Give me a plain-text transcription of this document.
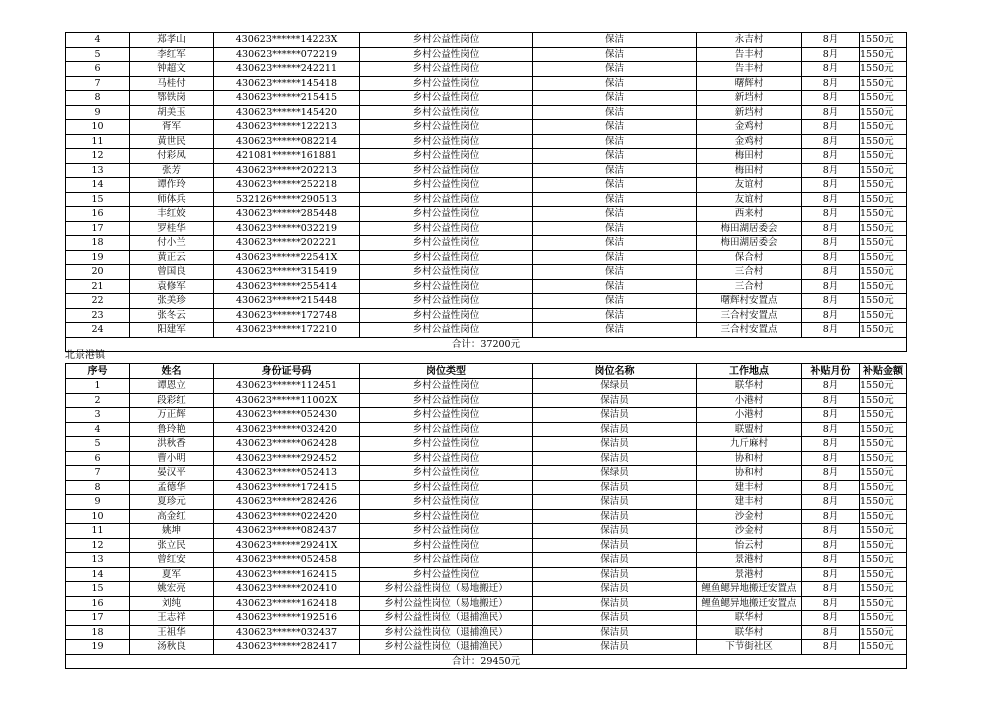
4	郑孝山	430623******14223X	乡村公益性岗位	保洁	永吉村	8月	1550元
5	李红军	430623******072219	乡村公益性岗位	保洁	告丰村	8月	1550元
6	钟超文	430623******242211	乡村公益性岗位	保洁	告丰村	8月	1550元
7	马桂付	430623******145418	乡村公益性岗位	保洁	曙辉村	8月	1550元
8	鄂铁岗	430623******215415	乡村公益性岗位	保洁	新垱村	8月	1550元
9	胡美玉	430623******145420	乡村公益性岗位	保洁	新垱村	8月	1550元
10	胥军	430623******122213	乡村公益性岗位	保洁	金鸡村	8月	1550元
11	黄世民	430623******082214	乡村公益性岗位	保洁	金鸡村	8月	1550元
12	付彩凤	421081******161881	乡村公益性岗位	保洁	梅田村	8月	1550元
13	张芳	430623******202213	乡村公益性岗位	保洁	梅田村	8月	1550元
14	谭作玲	430623******252218	乡村公益性岗位	保洁	友谊村	8月	1550元
15	师体兵	532126******290513	乡村公益性岗位	保洁	友谊村	8月	1550元
16	丰红姣	430623******285448	乡村公益性岗位	保洁	西来村	8月	1550元
17	罗桂华	430623******032219	乡村公益性岗位	保洁	梅田湖居委会	8月	1550元
18	付小兰	430623******202221	乡村公益性岗位	保洁	梅田湖居委会	8月	1550元
19	黄正云	430623******22541X	乡村公益性岗位	保洁	保合村	8月	1550元
20	曾国良	430623******315419	乡村公益性岗位	保洁	三合村	8月	1550元
21	袁修军	430623******255414	乡村公益性岗位	保洁	三合村	8月	1550元
22	张美珍	430623******215448	乡村公益性岗位	保洁	曙辉村安置点	8月	1550元
23	张冬云	430623******172748	乡村公益性岗位	保洁	三合村安置点	8月	1550元
24	阳建军	430623******172210	乡村公益性岗位	保洁	三合村安置点	8月	1550元
合计：37200元							
北景港镇
序号	姓名	身份证号码	岗位类型	岗位名称	工作地点	补贴月份	补贴金额
1	谭恩立	430623******112451	乡村公益性岗位	保绿员	联华村	8月	1550元
2	段彩红	430623******11002X	乡村公益性岗位	保洁员	小港村	8月	1550元
3	万正辉	430623******052430	乡村公益性岗位	保洁员	小港村	8月	1550元
4	鲁玲艳	430623******032420	乡村公益性岗位	保洁员	联盟村	8月	1550元
5	洪秋香	430623******062428	乡村公益性岗位	保洁员	九斤麻村	8月	1550元
6	曹小明	430623******292452	乡村公益性岗位	保洁员	协和村	8月	1550元
7	晏汉平	430623******052413	乡村公益性岗位	保绿员	协和村	8月	1550元
8	孟德华	430623******172415	乡村公益性岗位	保洁员	建丰村	8月	1550元
9	夏珍元	430623******282426	乡村公益性岗位	保洁员	建丰村	8月	1550元
10	高金红	430623******022420	乡村公益性岗位	保洁员	沙金村	8月	1550元
11	姚坤	430623******082437	乡村公益性岗位	保洁员	沙金村	8月	1550元
12	张立民	430623******29241X	乡村公益性岗位	保洁员	怡云村	8月	1550元
13	曾红安	430623******052458	乡村公益性岗位	保洁员	景港村	8月	1550元
14	夏军	430623******162415	乡村公益性岗位	保洁员	景港村	8月	1550元
15	姚宏亮	430623******202410	乡村公益性岗位（易地搬迁）	保洁员	鲤鱼鳃异地搬迁安置点	8月	1550元
16	刘纯	430623******162418	乡村公益性岗位（易地搬迁）	保洁员	鲤鱼鳃异地搬迁安置点	8月	1550元
17	王志祥	430623******192516	乡村公益性岗位（退捕渔民）	保洁员	联华村	8月	1550元
18	王祖华	430623******032437	乡村公益性岗位（退捕渔民）	保洁员	联华村	8月	1550元
19	汤秋良	430623******282417	乡村公益性岗位（退捕渔民）	保洁员	下节街社区	8月	1550元
合计：29450元							
